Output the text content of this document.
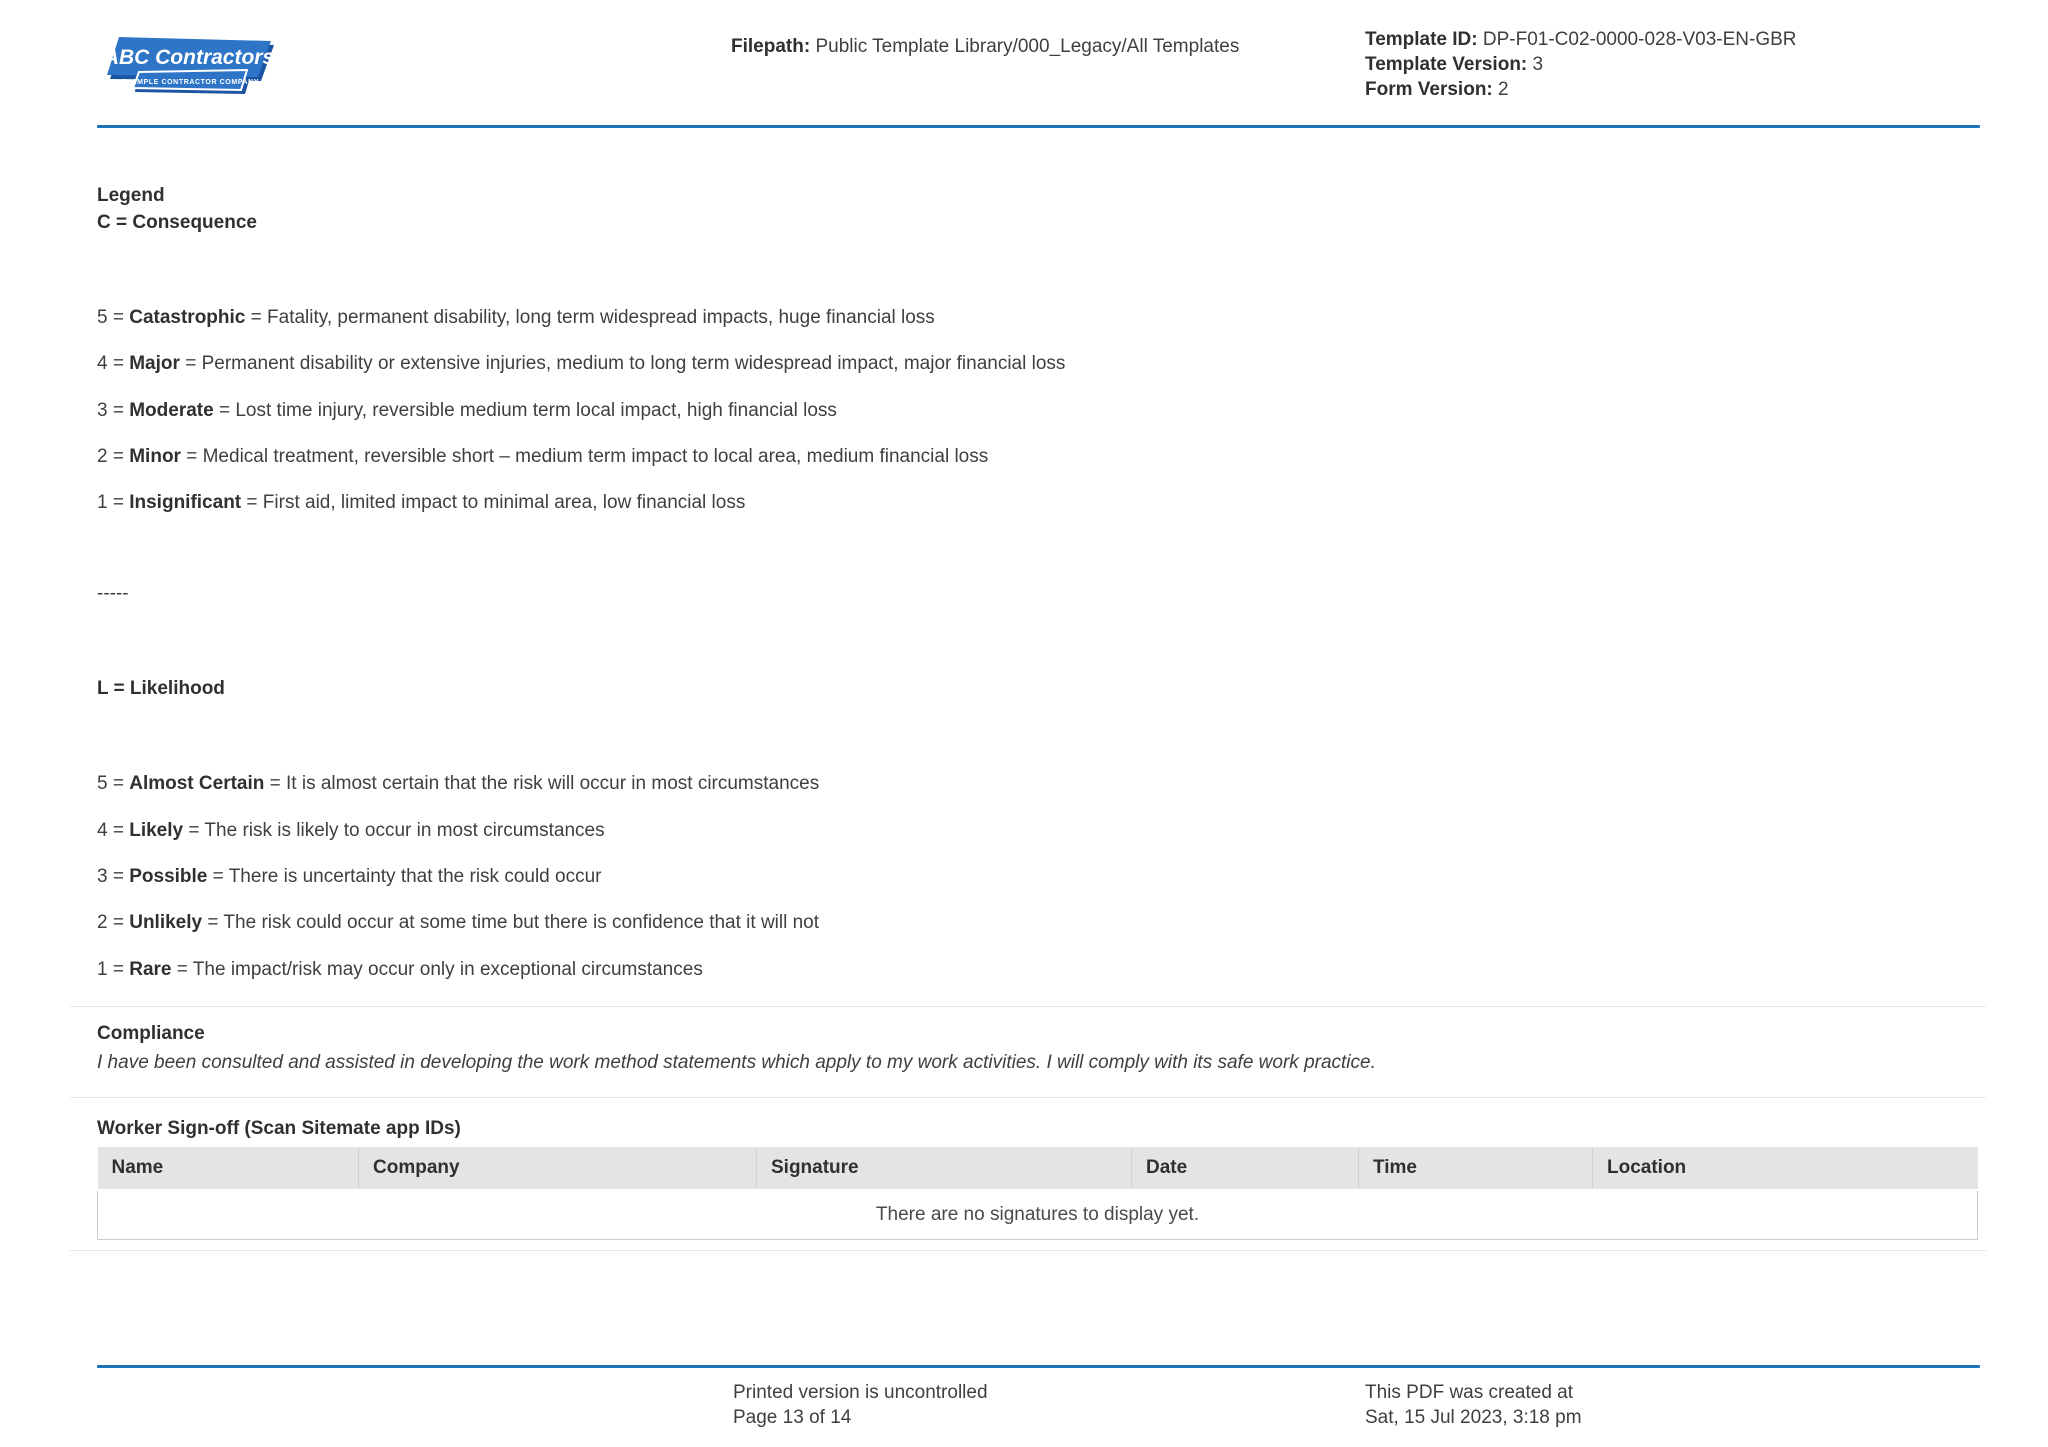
ABC Contractors
EXAMPLE CONTRACTOR COMPANY
Filepath: Public Template Library/000_Legacy/All Templates	Template ID: DP-F01-C02-0000-028-V03-EN-GBR
Template Version: 3
Form Version: 2
Legend
C = Consequence
5 = Catastrophic = Fatality, permanent disability, long term widespread impacts, huge financial loss
4 = Major = Permanent disability or extensive injuries, medium to long term widespread impact, major financial loss
3 = Moderate = Lost time injury, reversible medium term local impact, high financial loss
2 = Minor = Medical treatment, reversible short – medium term impact to local area, medium financial loss
1 = Insignificant = First aid, limited impact to minimal area, low financial loss
-----
L = Likelihood
5 = Almost Certain = It is almost certain that the risk will occur in most circumstances
4 = Likely = The risk is likely to occur in most circumstances
3 = Possible = There is uncertainty that the risk could occur
2 = Unlikely = The risk could occur at some time but there is confidence that it will not
1 = Rare = The impact/risk may occur only in exceptional circumstances
Compliance
I have been consulted and assisted in developing the work method statements which apply to my work activities. I will comply with its safe work practice.
Worker Sign-off (Scan Sitemate app IDs)
Name	Company	Signature	Date	Time	Location
There are no signatures to display yet.
Printed version is uncontrolled
Page 13 of 14
This PDF was created at
Sat, 15 Jul 2023, 3:18 pm
